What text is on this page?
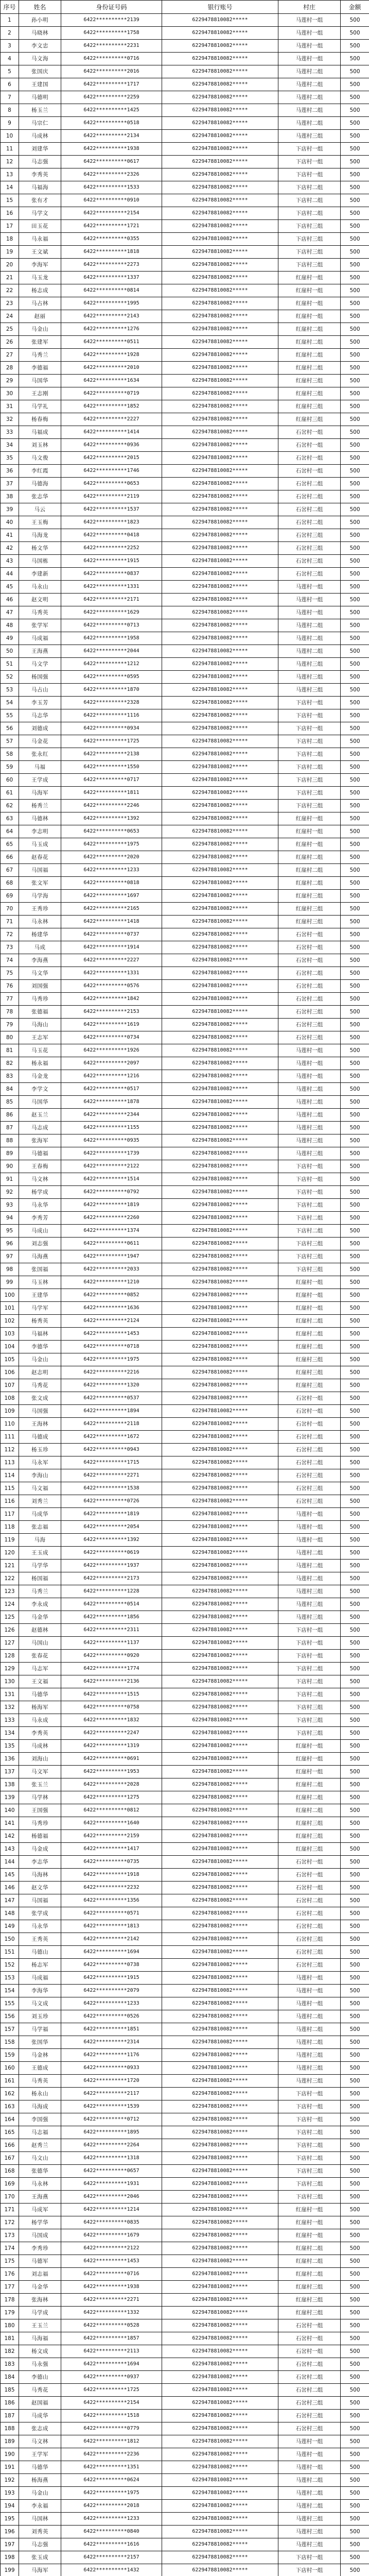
序号	姓名	身份证号码	银行账号	村庄	金额
1	孙小明	6422**********2139	6229478810082*****	马莲村一组	500
2	马晓林	6422**********1758	6229478810082*****	马莲村一组	500
3	李文忠	6422**********2231	6229478810082*****	马莲村一组	500
4	马文海	6422**********0716	6229478810082*****	马莲村一组	500
5	张国庆	6422**********2016	6229478810082*****	马莲村二组	500
6	王建国	6422**********1717	6229478810082*****	马莲村二组	500
7	马德明	6422**********2259	6229478810082*****	马莲村二组	500
8	杨玉兰	6422**********1425	6229478810082*****	马莲村二组	500
9	马宗仁	6422**********0518	6229478810082*****	马莲村二组	500
10	马成林	6422**********2134	6229478810082*****	马莲村三组	500
11	刘建华	6422**********1938	6229478810082*****	下店村一组	500
12	马志强	6422**********0617	6229478810082*****	下店村一组	500
13	李秀英	6422**********2326	6229478810082*****	下店村一组	500
14	马福海	6422**********1533	6229478810082*****	下店村二组	500
15	张有才	6422**********0910	6229478810082*****	下店村二组	500
16	马学文	6422**********2154	6229478810082*****	下店村二组	500
17	田玉花	6422**********1721	6229478810082*****	下店村三组	500
18	马永福	6422**********0355	6229478810082*****	下店村三组	500
19	王文斌	6422**********1818	6229478810082*****	下店村三组	500
20	李海军	6422**********2273	6229478810082*****	下店村三组	500
21	马玉龙	6422**********1337	6229478810082*****	红崖村一组	500
22	杨志成	6422**********0814	6229478810082*****	红崖村一组	500
23	马占林	6422**********1995	6229478810082*****	红崖村一组	500
24	赵丽	6422**********2143	6229478810082*****	红崖村一组	500
25	马金山	6422**********1276	6229478810082*****	红崖村二组	500
26	张建军	6422**********0511	6229478810082*****	红崖村二组	500
27	马秀兰	6422**********1928	6229478810082*****	红崖村二组	500
28	李德福	6422**********2010	6229478810082*****	红崖村二组	500
29	马国华	6422**********1634	6229478810082*****	红崖村三组	500
30	王志刚	6422**********0719	6229478810082*****	红崖村三组	500
31	马学礼	6422**********1852	6229478810082*****	红崖村三组	500
32	杨春梅	6422**********2227	6229478810082*****	红崖村三组	500
33	马福成	6422**********1414	6229478810082*****	石岔村一组	500
34	刘玉林	6422**********0936	6229478810082*****	石岔村一组	500
35	马文俊	6422**********2015	6229478810082*****	石岔村一组	500
36	李红霞	6422**********1746	6229478810082*****	石岔村一组	500
37	马德海	6422**********0653	6229478810082*****	石岔村二组	500
38	张志华	6422**********2119	6229478810082*****	石岔村二组	500
39	马云	6422**********1537	6229478810082*****	石岔村二组	500
40	王玉梅	6422**********1823	6229478810082*****	石岔村二组	500
41	马海龙	6422**********0418	6229478810082*****	石岔村三组	500
42	杨文华	6422**********2252	6229478810082*****	石岔村三组	500
43	马国栋	6422**********1915	6229478810082*****	石岔村三组	500
44	李建新	6422**********0837	6229478810082*****	石岔村三组	500
45	马永山	6422**********1331	6229478810082*****	马莲村一组	500
46	赵文明	6422**********2171	6229478810082*****	马莲村一组	500
47	马秀英	6422**********1629	6229478810082*****	马莲村一组	500
48	张学军	6422**********0713	6229478810082*****	马莲村二组	500
49	马成福	6422**********1958	6229478810082*****	马莲村二组	500
50	王海燕	6422**********2044	6229478810082*****	马莲村二组	500
51	马文学	6422**********1212	6229478810082*****	马莲村三组	500
52	杨国强	6422**********0595	6229478810082*****	马莲村三组	500
53	马占山	6422**********1870	6229478810082*****	马莲村三组	500
54	李玉芳	6422**********2328	6229478810082*****	下店村一组	500
55	马志华	6422**********1116	6229478810082*****	下店村一组	500
56	刘德成	6422**********0934	6229478810082*****	下店村一组	500
57	马金花	6422**********1725	6229478810082*****	下店村二组	500
58	张永红	6422**********2138	6229478810082*****	下店村二组	500
59	马福	6422**********1550	6229478810082*****	下店村二组	500
60	王学成	6422**********0717	6229478810082*****	下店村三组	500
61	马海军	6422**********1811	6229478810082*****	下店村三组	500
62	杨秀兰	6422**********2246	6229478810082*****	下店村三组	500
63	马德林	6422**********1392	6229478810082*****	红崖村一组	500
64	李志明	6422**********0653	6229478810082*****	红崖村一组	500
65	马玉成	6422**********1975	6229478810082*****	红崖村一组	500
66	赵春花	6422**********2020	6229478810082*****	红崖村二组	500
67	马国福	6422**********1233	6229478810082*****	红崖村二组	500
68	张文军	6422**********0818	6229478810082*****	红崖村二组	500
69	马学海	6422**********1697	6229478810082*****	红崖村三组	500
70	王秀珍	6422**********2165	6229478810082*****	红崖村三组	500
71	马永林	6422**********1418	6229478810082*****	红崖村三组	500
72	杨建华	6422**********0737	6229478810082*****	石岔村一组	500
73	马成	6422**********1914	6229478810082*****	石岔村一组	500
74	李海燕	6422**********2227	6229478810082*****	石岔村一组	500
75	马文华	6422**********1331	6229478810082*****	石岔村二组	500
76	刘国强	6422**********0576	6229478810082*****	石岔村二组	500
77	马秀珍	6422**********1842	6229478810082*****	石岔村二组	500
78	张德福	6422**********2153	6229478810082*****	石岔村三组	500
79	马海山	6422**********1619	6229478810082*****	石岔村三组	500
80	王志军	6422**********0734	6229478810082*****	石岔村三组	500
81	马玉花	6422**********1926	6229478810082*****	马莲村一组	500
82	杨永福	6422**********2097	6229478810082*****	马莲村一组	500
83	马金龙	6422**********1216	6229478810082*****	马莲村一组	500
84	李学文	6422**********0517	6229478810082*****	马莲村二组	500
85	马国华	6422**********1878	6229478810082*****	马莲村二组	500
86	赵玉兰	6422**********2344	6229478810082*****	马莲村二组	500
87	马志成	6422**********1155	6229478810082*****	马莲村三组	500
88	张海军	6422**********0935	6229478810082*****	马莲村三组	500
89	马德福	6422**********1739	6229478810082*****	马莲村三组	500
90	王春梅	6422**********2122	6229478810082*****	下店村一组	500
91	马文林	6422**********1514	6229478810082*****	下店村一组	500
92	杨学成	6422**********0792	6229478810082*****	下店村一组	500
93	马永华	6422**********1819	6229478810082*****	下店村二组	500
94	李秀芳	6422**********2260	6229478810082*****	下店村二组	500
95	马成山	6422**********1374	6229478810082*****	下店村二组	500
96	刘志强	6422**********0611	6229478810082*****	下店村三组	500
97	马海燕	6422**********1947	6229478810082*****	下店村三组	500
98	张国福	6422**********2033	6229478810082*****	下店村三组	500
99	马玉林	6422**********1210	6229478810082*****	红崖村一组	500
100	王建华	6422**********0852	6229478810082*****	红崖村一组	500
101	马学军	6422**********1636	6229478810082*****	红崖村一组	500
102	杨秀英	6422**********2124	6229478810082*****	红崖村二组	500
103	马福林	6422**********1453	6229478810082*****	红崖村二组	500
104	李德华	6422**********0718	6229478810082*****	红崖村二组	500
105	马金山	6422**********1975	6229478810082*****	红崖村三组	500
106	赵志明	6422**********2216	6229478810082*****	红崖村三组	500
107	马秀花	6422**********1320	6229478810082*****	红崖村三组	500
108	张文成	6422**********0537	6229478810082*****	石岔村一组	500
109	马国强	6422**********1894	6229478810082*****	石岔村一组	500
110	王海林	6422**********2118	6229478810082*****	石岔村一组	500
111	马德成	6422**********1672	6229478810082*****	石岔村二组	500
112	杨玉珍	6422**********0943	6229478810082*****	石岔村二组	500
113	马永军	6422**********1715	6229478810082*****	石岔村二组	500
114	李海山	6422**********2271	6229478810082*****	石岔村三组	500
115	马文福	6422**********1538	6229478810082*****	石岔村三组	500
116	刘秀兰	6422**********0726	6229478810082*****	石岔村三组	500
117	马成华	6422**********1819	6229478810082*****	马莲村一组	500
118	张志福	6422**********2054	6229478810082*****	马莲村一组	500
119	马海	6422**********1392	6229478810082*****	马莲村一组	500
120	王玉成	6422**********0619	6229478810082*****	马莲村二组	500
121	马学华	6422**********1937	6229478810082*****	马莲村二组	500
122	杨国福	6422**********2173	6229478810082*****	马莲村二组	500
123	马秀兰	6422**********1228	6229478810082*****	马莲村三组	500
124	李永成	6422**********0514	6229478810082*****	马莲村三组	500
125	马金华	6422**********1856	6229478810082*****	马莲村三组	500
126	赵德林	6422**********2311	6229478810082*****	下店村一组	500
127	马国山	6422**********1137	6229478810082*****	下店村一组	500
128	张春花	6422**********0920	6229478810082*****	下店村一组	500
129	马志军	6422**********1774	6229478810082*****	下店村二组	500
130	王文福	6422**********2136	6229478810082*****	下店村二组	500
131	马德华	6422**********1515	6229478810082*****	下店村二组	500
132	杨海军	6422**********0758	6229478810082*****	下店村三组	500
133	马永成	6422**********1832	6229478810082*****	下店村三组	500
134	李秀英	6422**********2247	6229478810082*****	下店村三组	500
135	马成林	6422**********1319	6229478810082*****	红崖村一组	500
136	刘海山	6422**********0691	6229478810082*****	红崖村一组	500
137	马文军	6422**********1953	6229478810082*****	红崖村一组	500
138	张玉兰	6422**********2028	6229478810082*****	红崖村二组	500
139	马学林	6422**********1275	6229478810082*****	红崖村二组	500
140	王国强	6422**********0812	6229478810082*****	红崖村二组	500
141	马秀珍	6422**********1640	6229478810082*****	红崖村三组	500
142	杨德福	6422**********2159	6229478810082*****	红崖村三组	500
143	马金成	6422**********1417	6229478810082*****	红崖村三组	500
144	李志华	6422**********0735	6229478810082*****	石岔村一组	500
145	马海林	6422**********1918	6229478810082*****	石岔村一组	500
146	赵文华	6422**********2232	6229478810082*****	石岔村一组	500
147	马国福	6422**********1356	6229478810082*****	石岔村二组	500
148	张学成	6422**********0571	6229478810082*****	石岔村二组	500
149	马永华	6422**********1813	6229478810082*****	石岔村二组	500
150	王秀英	6422**********2142	6229478810082*****	石岔村三组	500
151	马德山	6422**********1694	6229478810082*****	石岔村三组	500
152	杨志军	6422**********0738	6229478810082*****	石岔村三组	500
153	马成福	6422**********1915	6229478810082*****	马莲村一组	500
154	李海华	6422**********2079	6229478810082*****	马莲村一组	500
155	马文成	6422**********1233	6229478810082*****	马莲村一组	500
156	刘玉珍	6422**********0526	6229478810082*****	马莲村二组	500
157	马学福	6422**********1851	6229478810082*****	马莲村二组	500
158	张国华	6422**********2314	6229478810082*****	马莲村二组	500
159	马金林	6422**********1176	6229478810082*****	马莲村三组	500
160	王德成	6422**********0933	6229478810082*****	马莲村三组	500
161	马秀英	6422**********1720	6229478810082*****	马莲村三组	500
162	杨永山	6422**********2117	6229478810082*****	下店村一组	500
163	马海成	6422**********1539	6229478810082*****	下店村一组	500
164	李国强	6422**********0712	6229478810082*****	下店村一组	500
165	马志福	6422**********1895	6229478810082*****	下店村二组	500
166	赵秀兰	6422**********2264	6229478810082*****	下店村二组	500
167	马文山	6422**********1318	6229478810082*****	下店村二组	500
168	张德华	6422**********0657	6229478810082*****	下店村三组	500
169	马永林	6422**********1931	6229478810082*****	下店村三组	500
170	王海燕	6422**********2046	6229478810082*****	下店村三组	500
171	马成军	6422**********1214	6229478810082*****	红崖村一组	500
172	杨学华	6422**********0835	6229478810082*****	红崖村一组	500
173	马国成	6422**********1679	6229478810082*****	红崖村一组	500
174	李秀珍	6422**********2122	6229478810082*****	红崖村二组	500
175	马德军	6422**********1453	6229478810082*****	红崖村二组	500
176	刘志福	6422**********0716	6229478810082*****	红崖村二组	500
177	马金华	6422**********1938	6229478810082*****	红崖村三组	500
178	张海林	6422**********2271	6229478810082*****	红崖村三组	500
179	马学成	6422**********1332	6229478810082*****	红崖村三组	500
180	王玉兰	6422**********0528	6229478810082*****	石岔村一组	500
181	马海福	6422**********1857	6229478810082*****	石岔村一组	500
182	杨文成	6422**********2113	6229478810082*****	石岔村一组	500
183	马永强	6422**********1694	6229478810082*****	石岔村二组	500
184	李德山	6422**********0937	6229478810082*****	石岔村二组	500
185	马秀花	6422**********1725	6229478810082*****	石岔村二组	500
186	赵国福	6422**********2154	6229478810082*****	石岔村三组	500
187	马成华	6422**********1518	6229478810082*****	石岔村三组	500
188	张志成	6422**********0779	6229478810082*****	石岔村三组	500
189	马文林	6422**********1812	6229478810082*****	马莲村一组	500
190	王学军	6422**********2236	6229478810082*****	马莲村一组	500
191	马德华	6422**********1351	6229478810082*****	马莲村一组	500
192	杨海燕	6422**********0624	6229478810082*****	马莲村二组	500
193	马金山	6422**********1975	6229478810082*****	马莲村二组	500
194	李永福	6422**********2018	6229478810082*****	马莲村二组	500
195	马国林	6422**********1233	6229478810082*****	马莲村三组	500
196	刘秀英	6422**********0840	6229478810082*****	马莲村三组	500
197	马志强	6422**********1616	6229478810082*****	马莲村三组	500
198	张玉成	6422**********2157	6229478810082*****	下店村一组	500
199	马海军	6422**********1432	6229478810082*****	下店村一组	500
